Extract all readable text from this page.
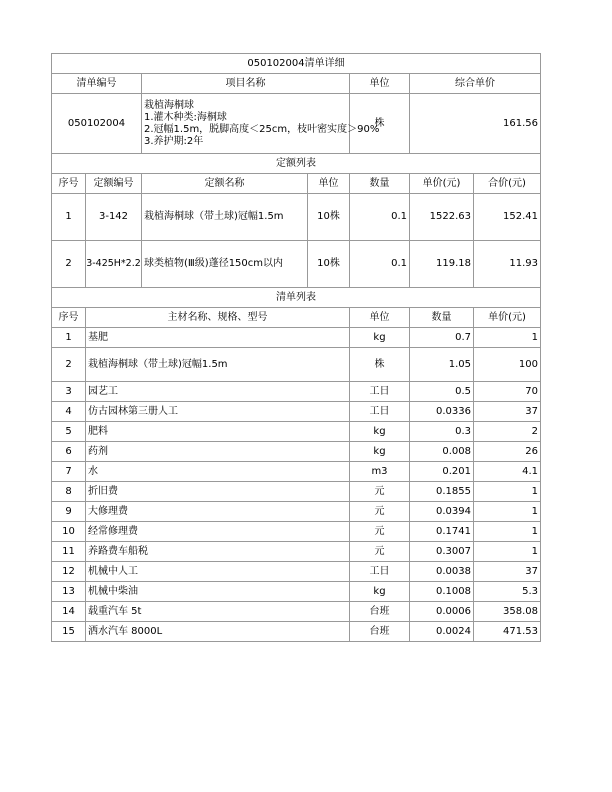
050102004清单详细							
清单编号		项目名称		单位	综合单价		
050102004		栽植海桐球
1.灌木种类:海桐球
2.冠幅1.5m，脱脚高度＜25cm，枝叶密实度＞90%
3.养护期:2年		株	161.56		
定额列表							
序号	定额编号	定额名称	单位	数量	单价(元)	合价(元)	
1	3-142	栽植海桐球（带土球)冠幅1.5m	10株	0.1	1522.63	152.41	
2	3-425H*2.2	球类植物(Ⅲ级)蓬径150cm以内	10株	0.1	119.18	11.93	
清单列表							
序号	主材名称、规格、型号			单位	数量	单价(元)	
1	基肥			kg	0.7	1	
2	栽植海桐球（带土球)冠幅1.5m			株	1.05	100	
3	园艺工			工日	0.5	70	
4	仿古园林第三册人工			工日	0.0336	37	
5	肥料			kg	0.3	2	
6	药剂			kg	0.008	26	
7	水			m3	0.201	4.1	
8	折旧费			元	0.1855	1	
9	大修理费			元	0.0394	1	
10	经常修理费			元	0.1741	1	
11	养路费车船税			元	0.3007	1	
12	机械中人工			工日	0.0038	37	
13	机械中柴油			kg	0.1008	5.3	
14	载重汽车 5t			台班	0.0006	358.08	
15	洒水汽车 8000L			台班	0.0024	471.53	
